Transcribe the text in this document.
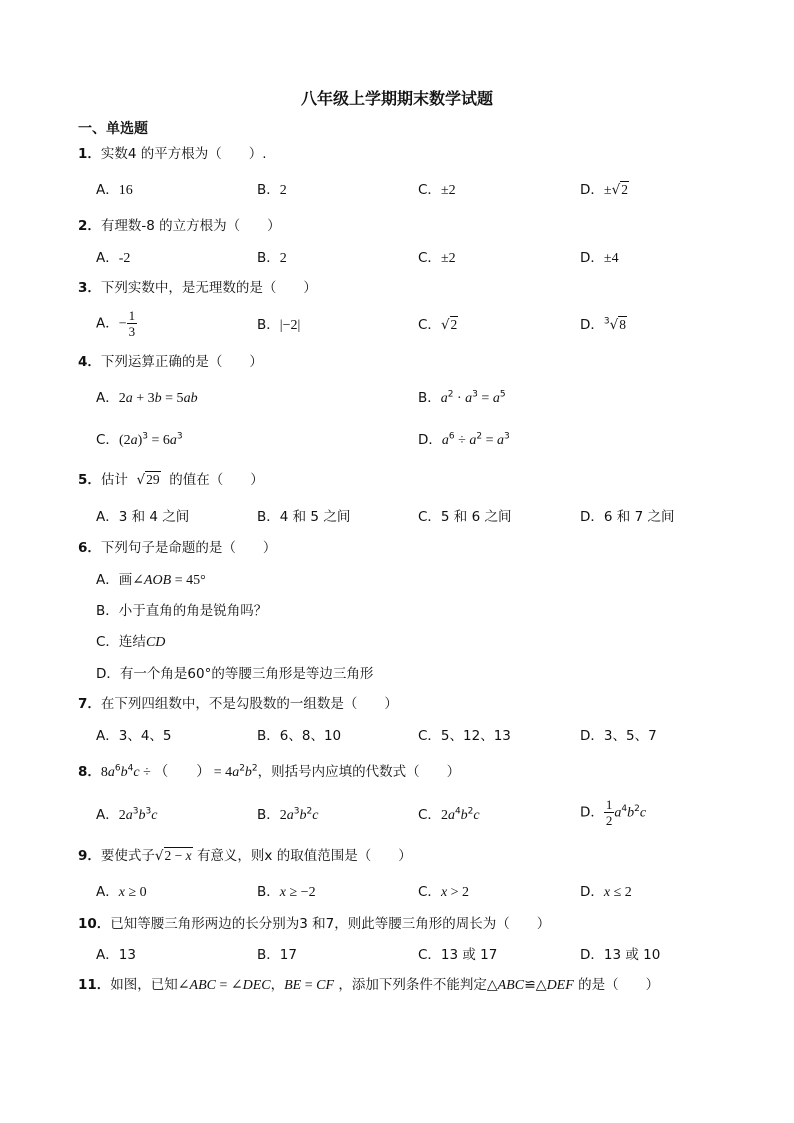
八年级上学期期末数学试题
一、单选题
1．实数4 的平方根为（　　）.
A．16	B．2	C．±2	D．±√2
2．有理数-8 的立方根为（　　）
A．-2	B．2	C．±2	D．±4
3．下列实数中，是无理数的是（　　）
A．− $\frac{1}{3}$	B．|−2|	C．√2	D．$^3$√8
4．下列运算正确的是（　　）
A．2a + 3b = 5ab	B．$a^2 \cdot a^3 = a^5$
C．$(2a)^3 = 6a^3$	D．$a^6 \div a^2 = a^3$
5．估计 √29 的值在（　　）
A．3 和 4 之间	B．4 和 5 之间	C．5 和 6 之间	D．6 和 7 之间
6．下列句子是命题的是（　　）
A．画∠AOB = 45°
B．小于直角的角是锐角吗？
C．连结CD
D．有一个角是60°的等腰三角形是等边三角形
7．在下列四组数中，不是勾股数的一组数是（　　）
A．3、4、5	B．6、8、10	C．5、12、13	D．3、5、7
8．$8a^6b^4c$ ÷ （　　） = $4a^2b^2$，则括号内应填的代数式（　　）
A．$2a^3b^3c$	B．$2a^3b^2c$	C．$2a^4b^2c$	D． $\frac{1}{2} a^4b^2c$
9．要使式子√2 − x 有意义，则x 的取值范围是（　　）
A．x ≥ 0	B．x ≥ −2	C．x > 2	D．x ≤ 2
10．已知等腰三角形两边的长分别为3 和7，则此等腰三角形的周长为（　　）
A．13	B．17	C．13 或 17	D．13 或 10
11．如图，已知∠ABC = ∠DEC，BE = CF ，添加下列条件不能判定△ABC≌△DEF 的是（　　）
